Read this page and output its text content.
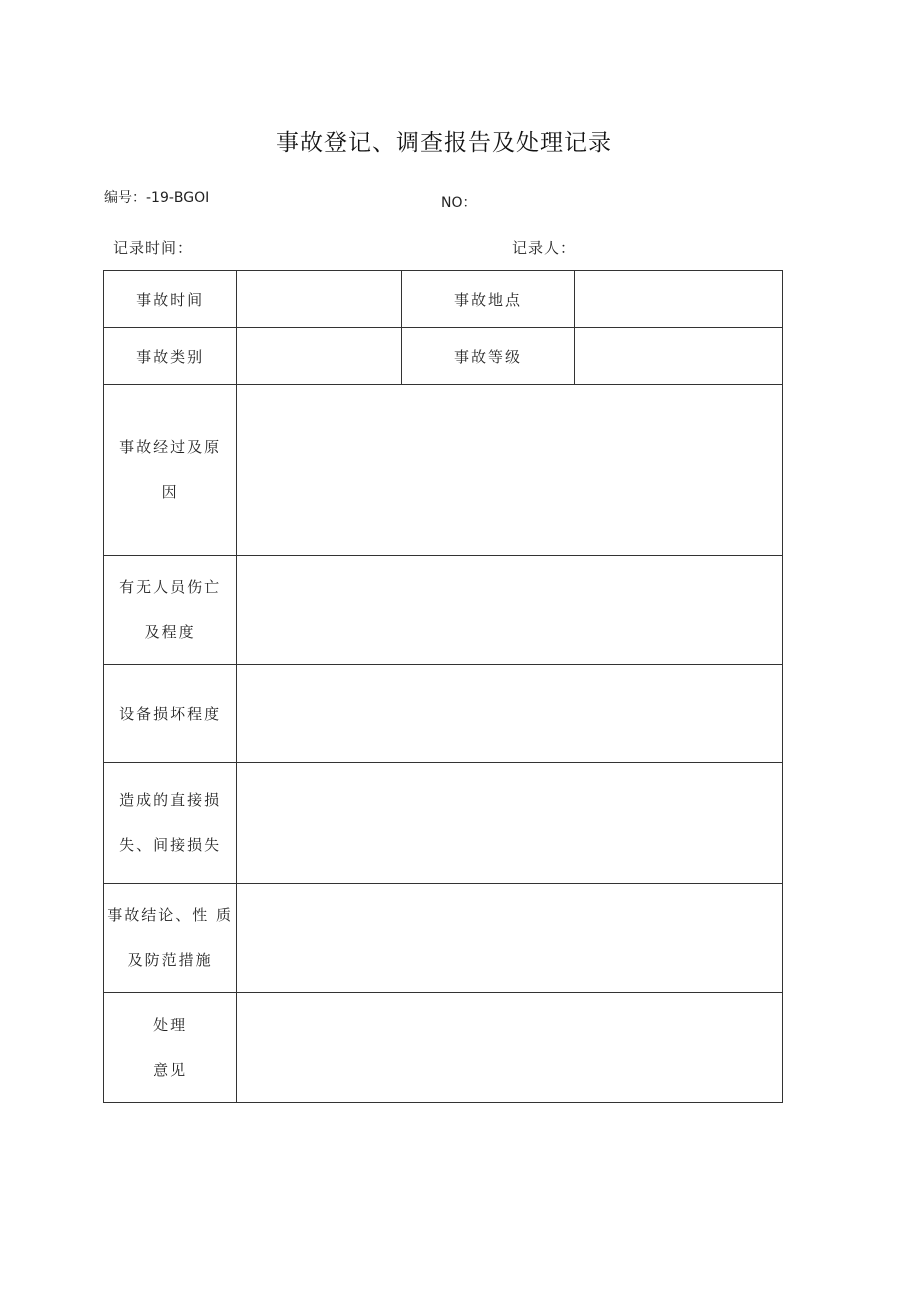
事故登记、调查报告及处理记录
编号：-19-BGOI	NO：
记录时间：	记录人：
事故时间		事故地点	
事故类别		事故等级	

事故经过及原
因			

有无人员伤亡
及程度			

设备损坏程度			

造成的直接损
失、间接损失			

事故结论、性 质
及防范措施			

处理
意见			
